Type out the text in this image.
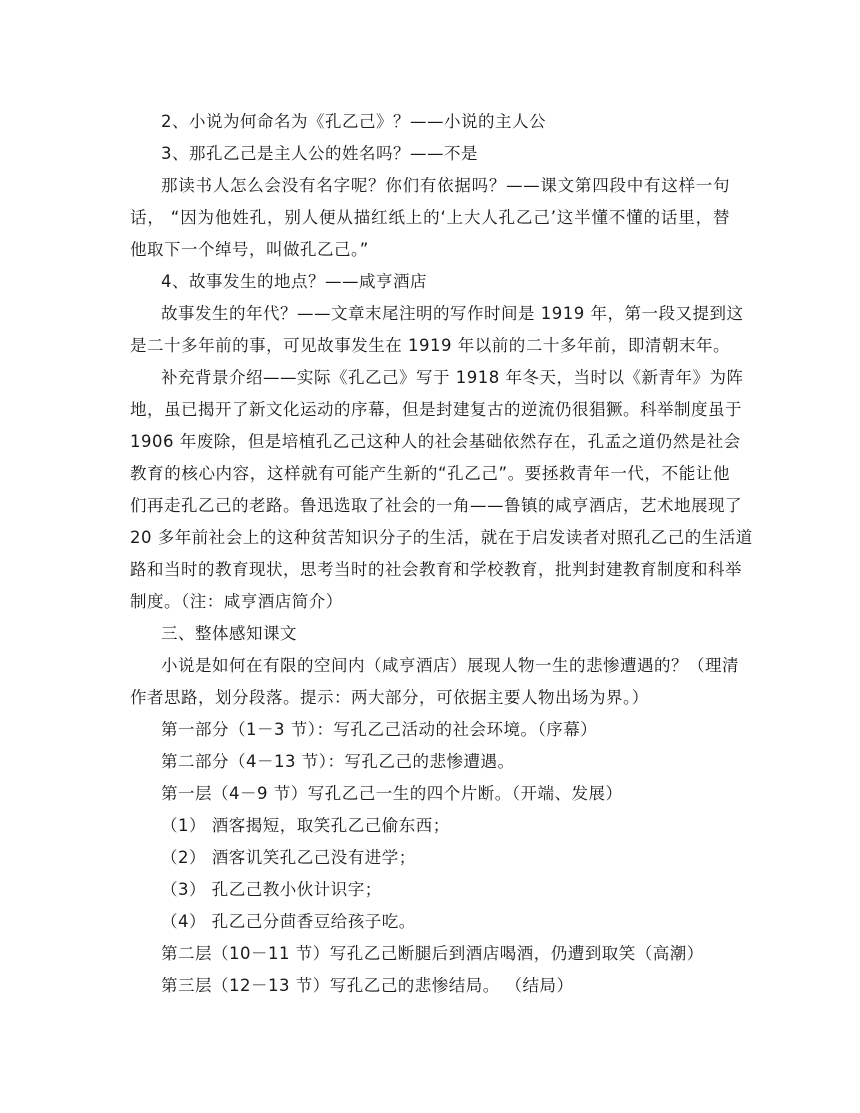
2、小说为何命名为《孔乙己》？——小说的主人公
3、那孔乙己是主人公的姓名吗？——不是
那读书人怎么会没有名字呢？你们有依据吗？——课文第四段中有这样一句
话， “因为他姓孔，别人便从描红纸上的‘上大人孔乙己’这半懂不懂的话里，替
他取下一个绰号，叫做孔乙己。”
4、故事发生的地点？——咸亨酒店
故事发生的年代？——文章末尾注明的写作时间是 1919 年，第一段又提到这
是二十多年前的事，可见故事发生在 1919 年以前的二十多年前，即清朝末年。
补充背景介绍——实际《孔乙己》写于 1918 年冬天，当时以《新青年》为阵
地，虽已揭开了新文化运动的序幕，但是封建复古的逆流仍很猖獗。科举制度虽于
1906 年废除，但是培植孔乙己这种人的社会基础依然存在，孔孟之道仍然是社会
教育的核心内容，这样就有可能产生新的“孔乙己”。要拯救青年一代，不能让他
们再走孔乙己的老路。鲁迅选取了社会的一角——鲁镇的咸亨酒店，艺术地展现了
20 多年前社会上的这种贫苦知识分子的生活，就在于启发读者对照孔乙己的生活道
路和当时的教育现状，思考当时的社会教育和学校教育，批判封建教育制度和科举
制度。（注：咸亨酒店简介）
三、整体感知课文
小说是如何在有限的空间内（咸亨酒店）展现人物一生的悲惨遭遇的？（理清
作者思路，划分段落。提示：两大部分，可依据主要人物出场为界。）
第一部分（1－3 节）：写孔乙己活动的社会环境。（序幕）
第二部分（4－13 节）：写孔乙己的悲惨遭遇。
第一层（4－9 节）写孔乙己一生的四个片断。（开端、发展）
（1） 酒客揭短，取笑孔乙己偷东西；
（2） 酒客讥笑孔乙己没有进学；
（3） 孔乙己教小伙计识字；
（4） 孔乙己分茴香豆给孩子吃。
第二层（10－11 节）写孔乙己断腿后到酒店喝酒，仍遭到取笑（高潮）
第三层（12－13 节）写孔乙己的悲惨结局。 （结局）
